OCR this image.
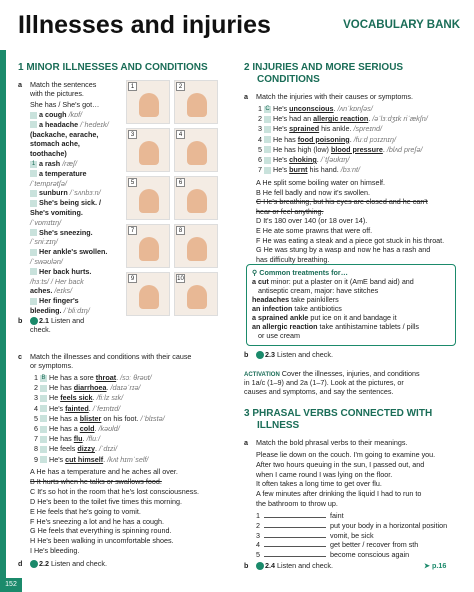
Illnesses and injuries	VOCABULARY BANK
152
1 MINOR ILLNESSES AND CONDITIONS
a Match the sentences
with the pictures.
She has / She's got…
a cough /kɒf/
a headache /ˈhedeɪk/
(backache, earache,
stomach ache,
toothache)
1 a rash /ræʃ/
a temperature
/ˈtemprətʃə/
sunburn /ˈsʌnbɜːn/
She's being sick. /
She's vomiting.
/ˈvɒmɪtɪŋ/
She's sneezing.
/ˈsniːzɪŋ/
Her ankle's swollen.
/ˈswəʊlən/
Her back hurts.
/hɜːts/ / Her back
aches. /eɪks/
Her finger's
bleeding. /ˈbliːdɪŋ/
1	2
3	4
5	6
7	8
9	10
b	2.1 Listen and
check.
c Match the illnesses and conditions with their cause
or symptoms.
1 B He has a sore throat. /sɔː θrəʊt/
2 He has diarrhoea. /daɪəˈrɪə/
3 He feels sick. /fiːlz sɪk/
4 He's fainted. /ˈfeɪntɪd/
5 He has a blister on his foot. /ˈblɪstə/
6 He has a cold. /kəʊld/
7 He has flu. /fluː/
8 He feels dizzy. /ˈdɪzi/
9 He's cut himself. /kʌt hɪmˈself/
A He has a temperature and he aches all over.
B It hurts when he talks or swallows food.
C It's so hot in the room that he's lost consciousness.
D He's been to the toilet five times this morning.
E He feels that he's going to vomit.
F He's sneezing a lot and he has a cough.
G He feels that everything is spinning round.
H He's been walking in uncomfortable shoes.
I He's bleeding.
d	2.2 Listen and check.
2 INJURIES AND MORE SERIOUS
CONDITIONS
a Match the injuries with their causes or symptoms.
1 C He's unconscious. /ʌnˈkɒnʃəs/
2 He's had an allergic reaction. /əˈlɜːdʒɪk riˈækʃn/
3 He's sprained his ankle. /spreɪnd/
4 He has food poisoning. /fuːd pɔɪznɪŋ/
5 He has high (low) blood pressure. /blʌd preʃə/
6 He's choking. /ˈtʃəʊkɪŋ/
7 He's burnt his hand. /bɜːnt/
A He split some boiling water on himself.
B He fell badly and now it's swollen.
C He's breathing, but his eyes are closed and he can't
hear or feel anything.
D It's 180 over 140 (or 18 over 14).
E He ate some prawns that were off.
F He was eating a steak and a piece got stuck in his throat.
G He was stung by a wasp and now he has a rash and
has difficulty breathing.
⚲ Common treatments for…
a cut minor: put a plaster on it (AmE band aid) and
antiseptic cream, major: have stitches
headaches take painkillers
an infection take antibiotics
a sprained ankle put ice on it and bandage it
an allergic reaction take antihistamine tablets / pills
or use cream
b	2.3 Listen and check.
ACTIVATION Cover the illnesses, injuries, and conditions
in 1a/c (1–9) and 2a (1–7). Look at the pictures, or
causes and symptoms, and say the sentences.
3 PHRASAL VERBS CONNECTED WITH
ILLNESS
a Match the bold phrasal verbs to their meanings.
Please lie down on the couch. I'm going to examine you.
After two hours queuing in the sun, I passed out, and
when I came round I was lying on the floor.
It often takes a long time to get over flu.
A few minutes after drinking the liquid I had to run to
the bathroom to throw up.
1	faint
2	put your body in a horizontal position
3	vomit, be sick
4	get better / recover from sth
5	become conscious again
b	2.4 Listen and check.	➤ p.16
